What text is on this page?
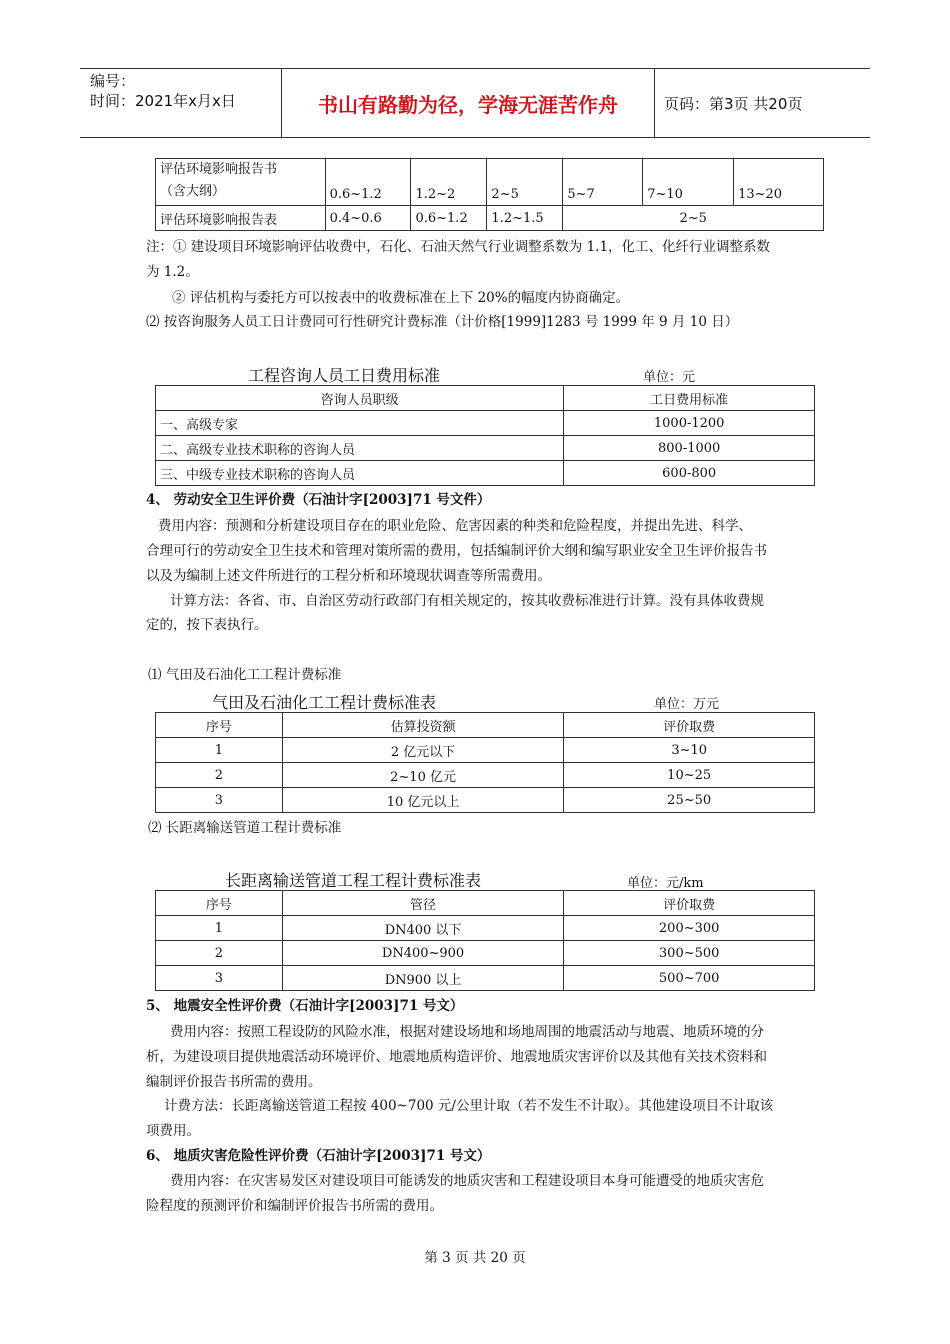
编号：
时间：2021年x月x日	书山有路勤为径，学海无涯苦作舟	页码：第3页 共20页
评估环境影响报告书
（含大纲）	0.6~1.2	1.2~2	2~5	5~7	7~10	13~20
评估环境影响报告表	0.4~0.6	0.6~1.2	1.2~1.5	2~5		
注：① 建设项目环境影响评估收费中，石化、石油天然气行业调整系数为 1.1，化工、化纤行业调整系数
为 1.2。
② 评估机构与委托方可以按表中的收费标准在上下 20%的幅度内协商确定。
⑵ 按咨询服务人员工日计费同可行性研究计费标准（计价格[1999]1283 号 1999 年 9 月 10 日）
工程咨询人员工日费用标准	单位：元
咨询人员职级	工日费用标准
一、高级专家	1000-1200
二、高级专业技术职称的咨询人员	800-1000
三、中级专业技术职称的咨询人员	600-800
4、 劳动安全卫生评价费（石油计字[2003]71 号文件）
费用内容：预测和分析建设项目存在的职业危险、危害因素的种类和危险程度，并提出先进、科学、
合理可行的劳动安全卫生技术和管理对策所需的费用，包括编制评价大纲和编写职业安全卫生评价报告书
以及为编制上述文件所进行的工程分析和环境现状调查等所需费用。
计算方法：各省、市、自治区劳动行政部门有相关规定的，按其收费标准进行计算。没有具体收费规
定的，按下表执行。
⑴ 气田及石油化工工程计费标准
气田及石油化工工程计费标准表	单位：万元
序号	估算投资额	评价取费
1	2 亿元以下	3~10
2	2~10 亿元	10~25
3	10 亿元以上	25~50
⑵ 长距离输送管道工程计费标准
长距离输送管道工程工程计费标准表	单位：元/km
序号	管径	评价取费
1	DN400 以下	200~300
2	DN400~900	300~500
3	DN900 以上	500~700
5、 地震安全性评价费（石油计字[2003]71 号文）
费用内容：按照工程设防的风险水准，根据对建设场地和场地周围的地震活动与地震、地质环境的分
析，为建设项目提供地震活动环境评价、地震地质构造评价、地震地质灾害评价以及其他有关技术资料和
编制评价报告书所需的费用。
计费方法：长距离输送管道工程按 400~700 元/公里计取（若不发生不计取）。其他建设项目不计取该
项费用。
6、 地质灾害危险性评价费（石油计字[2003]71 号文）
费用内容：在灾害易发区对建设项目可能诱发的地质灾害和工程建设项目本身可能遭受的地质灾害危
险程度的预测评价和编制评价报告书所需的费用。
第 3 页 共 20 页
